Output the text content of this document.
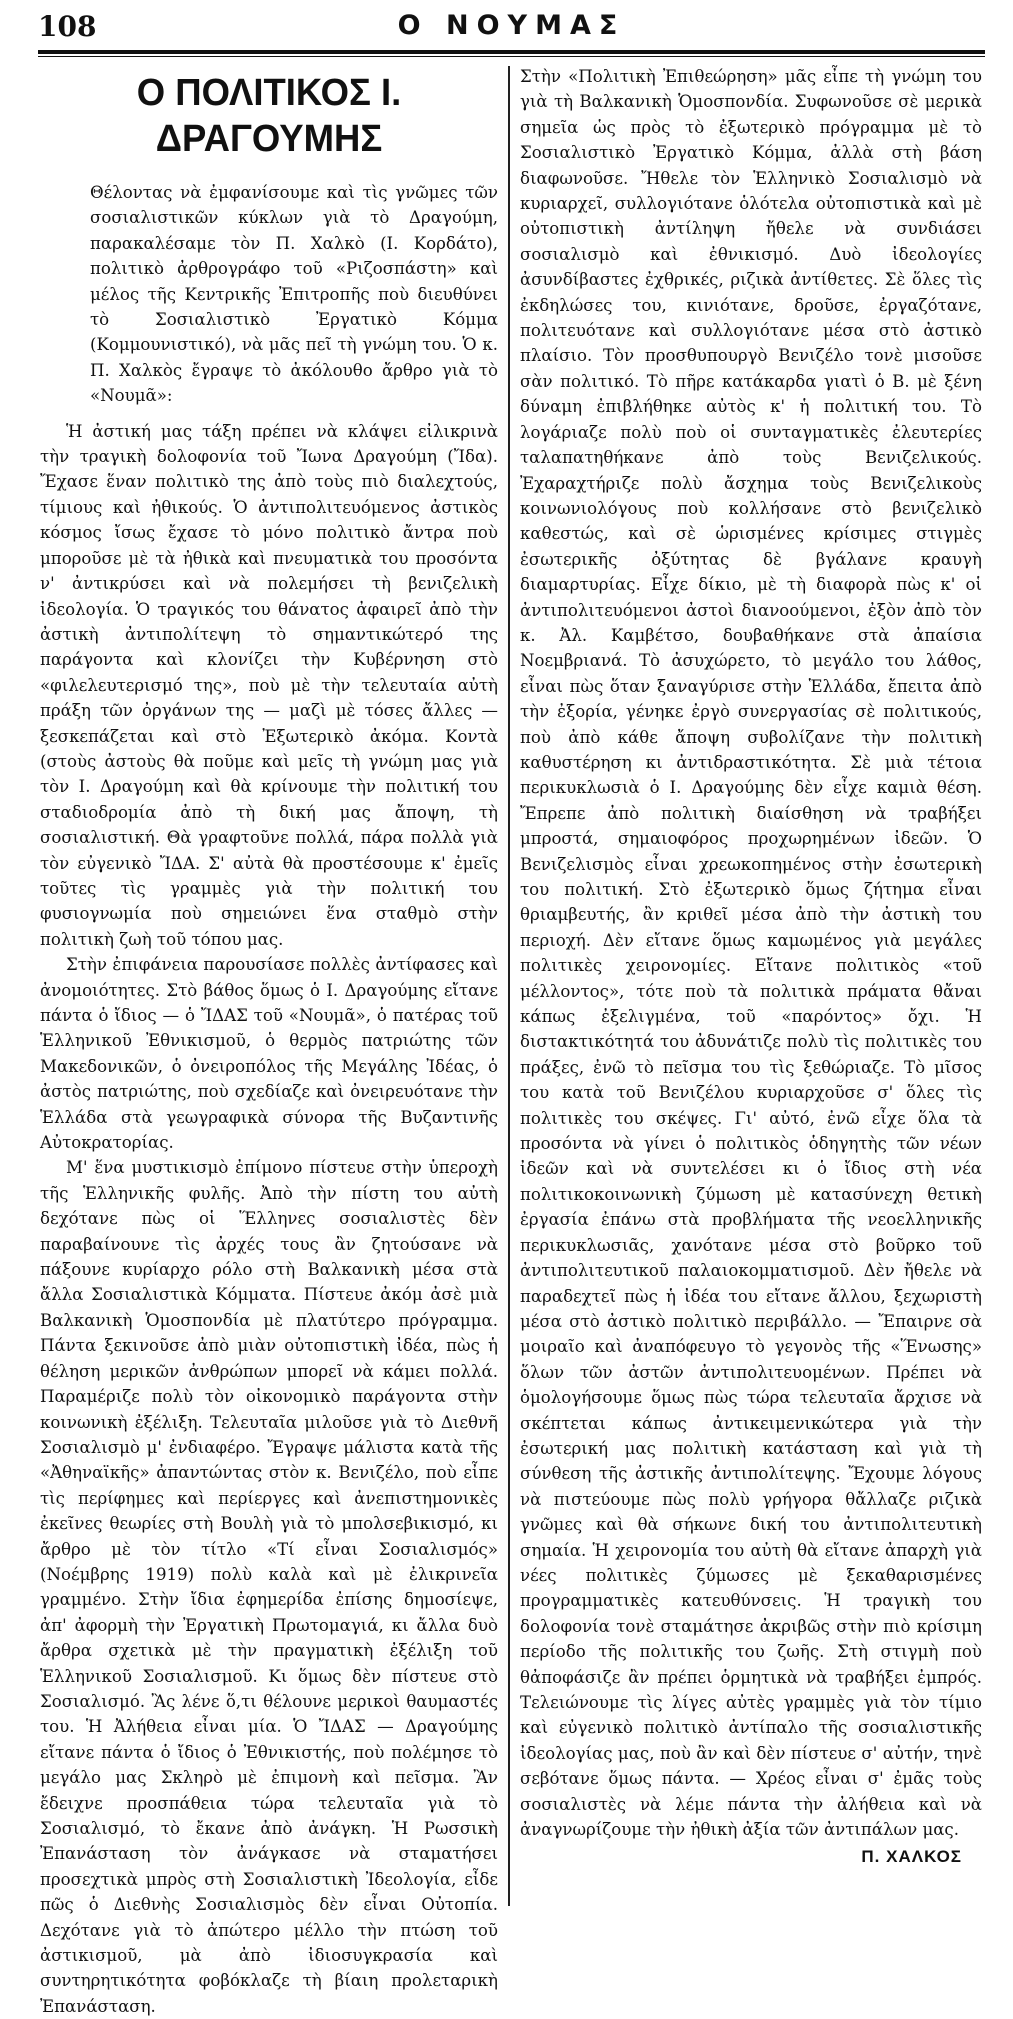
108	Ο ΝΟΥΜΑΣ
Ο ΠΟΛΙΤΙΚΟΣ Ι. ΔΡΑΓΟΥΜΗΣ

Θέλοντας νὰ ἐμφανίσουμε καὶ τὶς γνῶμες τῶν σοσιαλιστικῶν κύκλων γιὰ τὸ Δραγούμη, παρακαλέσαμε τὸν Π. Χαλκὸ (Ι. Κορδάτο), πολιτικὸ ἀρθρογράφο τοῦ «Ριζοσπάστη» καὶ μέλος τῆς Κεντρικῆς Ἐπιτροπῆς ποὺ διευθύνει τὸ Σοσιαλιστικὸ Ἐργατικὸ Κόμμα (Κομμουνιστικό), νὰ μᾶς πεῖ τὴ γνώμη του. Ὁ κ. Π. Χαλκὸς ἔγραψε τὸ ἀκόλουθο ἄρθρο γιὰ τὸ «Νουμᾶ»:

Ἡ ἀστική μας τάξη πρέπει νὰ κλάψει εἰλικρινὰ τὴν τραγικὴ δολοφονία τοῦ Ἴωνα Δραγούμη (Ἴδα). Ἔχασε ἕναν πολιτικὸ της ἀπὸ τοὺς πιὸ διαλεχτούς, τίμιους καὶ ἠθικούς. Ὁ ἀντιπολιτευόμενος ἀστικὸς κόσμος ἴσως ἔχασε τὸ μόνο πολιτικὸ ἄντρα ποὺ μποροῦσε μὲ τὰ ἠθικὰ καὶ πνευματικὰ του προσόντα ν' ἀντικρύσει καὶ νὰ πολεμήσει τὴ βενιζελικὴ ἰδεολογία. Ὁ τραγικός του θάνατος ἀφαιρεῖ ἀπὸ τὴν ἀστικὴ ἀντιπολίτεψη τὸ σημαντικώτερό της παράγοντα καὶ κλονίζει τὴν Κυβέρνηση στὸ «φιλελευτερισμό της», ποὺ μὲ τὴν τελευταία αὐτὴ πράξη τῶν ὀργάνων της — μαζὶ μὲ τόσες ἄλλες — ξεσκεπάζεται καὶ στὸ Ἐξωτερικὸ ἀκόμα. Κοντὰ (στοὺς ἀστοὺς θὰ ποῦμε καὶ μεῖς τὴ γνώμη μας γιὰ τὸν Ι. Δραγούμη καὶ θὰ κρίνουμε τὴν πολιτική του σταδιοδρομία ἀπὸ τὴ δική μας ἄποψη, τὴ σοσιαλιστική. Θὰ γραφτοῦνε πολλά, πάρα πολλὰ γιὰ τὸν εὐγενικὸ ἼΔΑ. Σ' αὐτὰ θὰ προστέσουμε κ' ἐμεῖς τοῦτες τὶς γραμμὲς γιὰ τὴν πολιτική του φυσιογνωμία ποὺ σημειώνει ἕνα σταθμὸ στὴν πολιτικὴ ζωὴ τοῦ τόπου μας.

Στὴν ἐπιφάνεια παρουσίασε πολλὲς ἀντίφασες καὶ ἀνομοιότητες. Στὸ βάθος ὅμως ὁ Ι. Δραγούμης εἴτανε πάντα ὁ ἴδιος — ὁ ἼΔΑΣ τοῦ «Νουμᾶ», ὁ πατέρας τοῦ Ἑλληνικοῦ Ἐθνικισμοῦ, ὁ θερμὸς πατριώτης τῶν Μακεδονικῶν, ὁ ὀνειροπόλος τῆς Μεγάλης Ἰδέας, ὁ ἀστὸς πατριώτης, ποὺ σχεδίαζε καὶ ὀνειρευότανε τὴν Ἑλλάδα στὰ γεωγραφικὰ σύνορα τῆς Βυζαντινῆς Αὐτοκρατορίας.

Μ' ἕνα μυστικισμὸ ἐπίμονο πίστευε στὴν ὑπεροχὴ τῆς Ἑλληνικῆς φυλῆς. Ἀπὸ τὴν πίστη του αὐτὴ δεχότανε πὼς οἱ Ἕλληνες σοσιαλιστὲς δὲν παραβαίνουνε τὶς ἀρχές τους ἂν ζητούσανε νὰ πάξουνε κυρίαρχο ρόλο στὴ Βαλκανικὴ μέσα στὰ ἄλλα Σοσιαλιστικὰ Κόμματα. Πίστευε ἀκόμ ἀσὲ μιὰ Βαλκανικὴ Ὁμοσπονδία μὲ πλατύτερο πρόγραμμα. Πάντα ξεκινοῦσε ἀπὸ μιὰν οὐτοπιστικὴ ἰδέα, πὼς ἡ θέληση μερικῶν ἀνθρώπων μπορεῖ νὰ κάμει πολλά. Παραμέριζε πολὺ τὸν οἰκονομικὸ παράγοντα στὴν κοινωνικὴ ἐξέλιξη. Τελευταῖα μιλοῦσε γιὰ τὸ Διεθνῆ Σοσιαλισμὸ μ' ἐνδιαφέρο. Ἔγραψε μάλιστα κατὰ τῆς «Ἀθηναϊκῆς» ἀπαντώντας στὸν κ. Βενιζέλο, ποὺ εἶπε τὶς περίφημες καὶ περίεργες καὶ ἀνεπιστημονικὲς ἐκεῖνες θεωρίες στὴ Βουλὴ γιὰ τὸ μπολσεβικισμό, κι ἄρθρο μὲ τὸν τίτλο «Τί εἶναι Σοσιαλισμός» (Νοέμβρης 1919) πολὺ καλὰ καὶ μὲ ἐλικρινεῖα γραμμένο. Στὴν ἴδια ἐφημερίδα ἐπίσης δημοσίεψε, ἀπ' ἀφορμὴ τὴν Ἐργατικὴ Πρωτομαγιά, κι ἄλλα δυὸ ἄρθρα σχετικὰ μὲ τὴν πραγματικὴ ἐξέλιξη τοῦ Ἑλληνικοῦ Σοσιαλισμοῦ. Κι ὅμως δὲν πίστευε στὸ Σοσιαλισμό. Ἂς λένε ὅ,τι θέλουνε μερικοὶ θαυμαστές του. Ἡ Ἀλήθεια εἶναι μία. Ὁ ἼΔΑΣ — Δραγούμης εἴτανε πάντα ὁ ἴδιος ὁ Ἐθνικιστής, ποὺ πολέμησε τὸ μεγάλο μας Σκληρὸ μὲ ἐπιμονὴ καὶ πεῖσμα. Ἂν ἔδειχνε προσπάθεια τώρα τελευταῖα γιὰ τὸ Σοσιαλισμό, τὸ ἔκανε ἀπὸ ἀνάγκη. Ἡ Ρωσσικὴ Ἐπανάσταση τὸν ἀνάγκασε νὰ σταματήσει προσεχτικὰ μπρὸς στὴ Σοσιαλιστικὴ Ἰδεολογία, εἶδε πῶς ὁ Διεθνὴς Σοσιαλισμὸς δὲν εἶναι Οὐτοπία. Δεχότανε γιὰ τὸ ἀπώτερο μέλλο τὴν πτώση τοῦ ἀστικισμοῦ, μὰ ἀπὸ ἰδιοσυγκρασία καὶ συντηρητικότητα φοβόκλαζε τὴ βίαιη προλεταρικὴ Ἐπανάσταση.

Στὴν «Πολιτικὴ Ἐπιθεώρηση» μᾶς εἶπε τὴ γνώμη του γιὰ τὴ Βαλκανικὴ Ὁμοσπονδία. Συφωνοῦσε σὲ μερικὰ σημεῖα ὡς πρὸς τὸ ἐξωτερικὸ πρόγραμμα μὲ τὸ Σοσιαλιστικὸ Ἐργατικὸ Κόμμα, ἀλλὰ στὴ βάση διαφωνοῦσε. Ἤθελε τὸν Ἑλληνικὸ Σοσιαλισμὸ νὰ κυριαρχεῖ, συλλογιότανε ὁλότελα οὐτοπιστικὰ καὶ μὲ οὐτοπιστικὴ ἀντίληψη ἤθελε νὰ συνδιάσει σοσιαλισμὸ καὶ ἐθνικισμό. Δυὸ ἰδεολογίες ἀσυνδίβαστες ἐχθρικές, ριζικὰ ἀντίθετες. Σὲ ὅλες τὶς ἐκδηλώσες του, κινιότανε, δροῦσε, ἐργαζότανε, πολιτευότανε καὶ συλλογιότανε μέσα στὸ ἀστικὸ πλαίσιο. Τὸν προσθυπουργὸ Βενιζέλο τονὲ μισοῦσε σὰν πολιτικό. Τὸ πῆρε κατάκαρδα γιατὶ ὁ Β. μὲ ξένη δύναμη ἐπιβλήθηκε αὐτὸς κ' ἡ πολιτική του. Τὸ λογάριαζε πολὺ ποὺ οἱ συνταγματικὲς ἐλευτερίες ταλαπατηθήκανε ἀπὸ τοὺς Βενιζελικούς. Ἐχαραχτήριζε πολὺ ἄσχημα τοὺς Βενιζελικοὺς κοινωνιολόγους ποὺ κολλήσανε στὸ βενιζελικὸ καθεστώς, καὶ σὲ ὡρισμένες κρίσιμες στιγμὲς ἐσωτερικῆς ὀξύτητας δὲ βγάλανε κραυγὴ διαμαρτυρίας. Εἶχε δίκιο, μὲ τὴ διαφορὰ πὼς κ' οἱ ἀντιπολιτευόμενοι ἀστοὶ διανοούμενοι, ἐξὸν ἀπὸ τὸν κ. Ἀλ. Καμβέτσο, δουβαθήκανε στὰ ἀπαίσια Νοεμβριανά. Τὸ ἀσυχώρετο, τὸ μεγάλο του λάθος, εἶναι πὼς ὅταν ξαναγύρισε στὴν Ἑλλάδα, ἔπειτα ἀπὸ τὴν ἐξορία, γένηκε ἐργὸ συνεργασίας σὲ πολιτικούς, ποὺ ἀπὸ κάθε ἄποψη συβολίζανε τὴν πολιτικὴ καθυστέρηση κι ἀντιδραστικότητα. Σὲ μιὰ τέτοια περικυκλωσιὰ ὁ Ι. Δραγούμης δὲν εἶχε καμιὰ θέση. Ἔπρεπε ἀπὸ πολιτικὴ διαίσθηση νὰ τραβήξει μπροστά, σημαιοφόρος προχωρημένων ἰδεῶν. Ὁ Βενιζελισμὸς εἶναι χρεωκοπημένος στὴν ἐσωτερικὴ του πολιτική. Στὸ ἐξωτερικὸ ὅμως ζήτημα εἶναι θριαμβευτής, ἂν κριθεῖ μέσα ἀπὸ τὴν ἀστικὴ του περιοχή. Δὲν εἴτανε ὅμως καμωμένος γιὰ μεγάλες πολιτικὲς χειρονομίες. Εἴτανε πολιτικὸς «τοῦ μέλλοντος», τότε ποὺ τὰ πολιτικὰ πράματα θἄναι κάπως ἐξελιγμένα, τοῦ «παρόντος» ὄχι. Ἡ διστακτικότητά του ἀδυνάτιζε πολὺ τὶς πολιτικὲς του πράξες, ἐνῶ τὸ πεῖσμα του τὶς ξεθώριαζε. Τὸ μῖσος του κατὰ τοῦ Βενιζέλου κυριαρχοῦσε σ' ὅλες τὶς πολιτικὲς του σκέψες. Γι' αὐτό, ἐνῶ εἶχε ὅλα τὰ προσόντα νὰ γίνει ὁ πολιτικὸς ὁδηγητὴς τῶν νέων ἰδεῶν καὶ νὰ συντελέσει κι ὁ ἴδιος στὴ νέα πολιτικοκοινωνικὴ ζύμωση μὲ κατασύνεχη θετικὴ ἐργασία ἐπάνω στὰ προβλήματα τῆς νεοελληνικῆς περικυκλωσιᾶς, χανότανε μέσα στὸ βοῦρκο τοῦ ἀντιπολιτευτικοῦ παλαιοκομματισμοῦ. Δὲν ἤθελε νὰ παραδεχτεῖ πὼς ἡ ἰδέα του εἴτανε ἄλλου, ξεχωριστὴ μέσα στὸ ἀστικὸ πολιτικὸ περιβάλλο. — Ἔπαιρνε σὰ μοιραῖο καὶ ἀναπόφευγο τὸ γεγονὸς τῆς «Ἕνωσης» ὅλων τῶν ἀστῶν ἀντιπολιτευομένων. Πρέπει νὰ ὁμολογήσουμε ὅμως πὼς τώρα τελευταῖα ἄρχισε νὰ σκέπτεται κάπως ἀντικειμενικώτερα γιὰ τὴν ἐσωτερική μας πολιτικὴ κατάσταση καὶ γιὰ τὴ σύνθεση τῆς ἀστικῆς ἀντιπολίτεψης. Ἔχουμε λόγους νὰ πιστεύουμε πὼς πολὺ γρήγορα θἄλλαζε ριζικὰ γνῶμες καὶ θὰ σήκωνε δική του ἀντιπολιτευτικὴ σημαία. Ἡ χειρονομία του αὐτὴ θὰ εἴτανε ἀπαρχὴ γιὰ νέες πολιτικὲς ζύμωσες μὲ ξεκαθαρισμένες προγραμματικὲς κατευθύνσεις. Ἡ τραγικὴ του δολοφονία τονὲ σταμάτησε ἀκριβῶς στὴν πιὸ κρίσιμη περίοδο τῆς πολιτικῆς του ζωῆς. Στὴ στιγμὴ ποὺ θἀποφάσιζε ἂν πρέπει ὁρμητικὰ νὰ τραβήξει ἐμπρός. Τελειώνουμε τὶς λίγες αὐτὲς γραμμὲς γιὰ τὸν τίμιο καὶ εὐγενικὸ πολιτικὸ ἀντίπαλο τῆς σοσιαλιστικῆς ἰδεολογίας μας, ποὺ ἂν καὶ δὲν πίστευε σ' αὐτήν, τηνὲ σεβότανε ὅμως πάντα. — Χρέος εἶναι σ' ἐμᾶς τοὺς σοσιαλιστὲς νὰ λέμε πάντα τὴν ἀλήθεια καὶ νὰ ἀναγνωρίζουμε τὴν ἠθικὴ ἀξία τῶν ἀντιπάλων μας.

Π. ΧΑΛΚΟΣ
